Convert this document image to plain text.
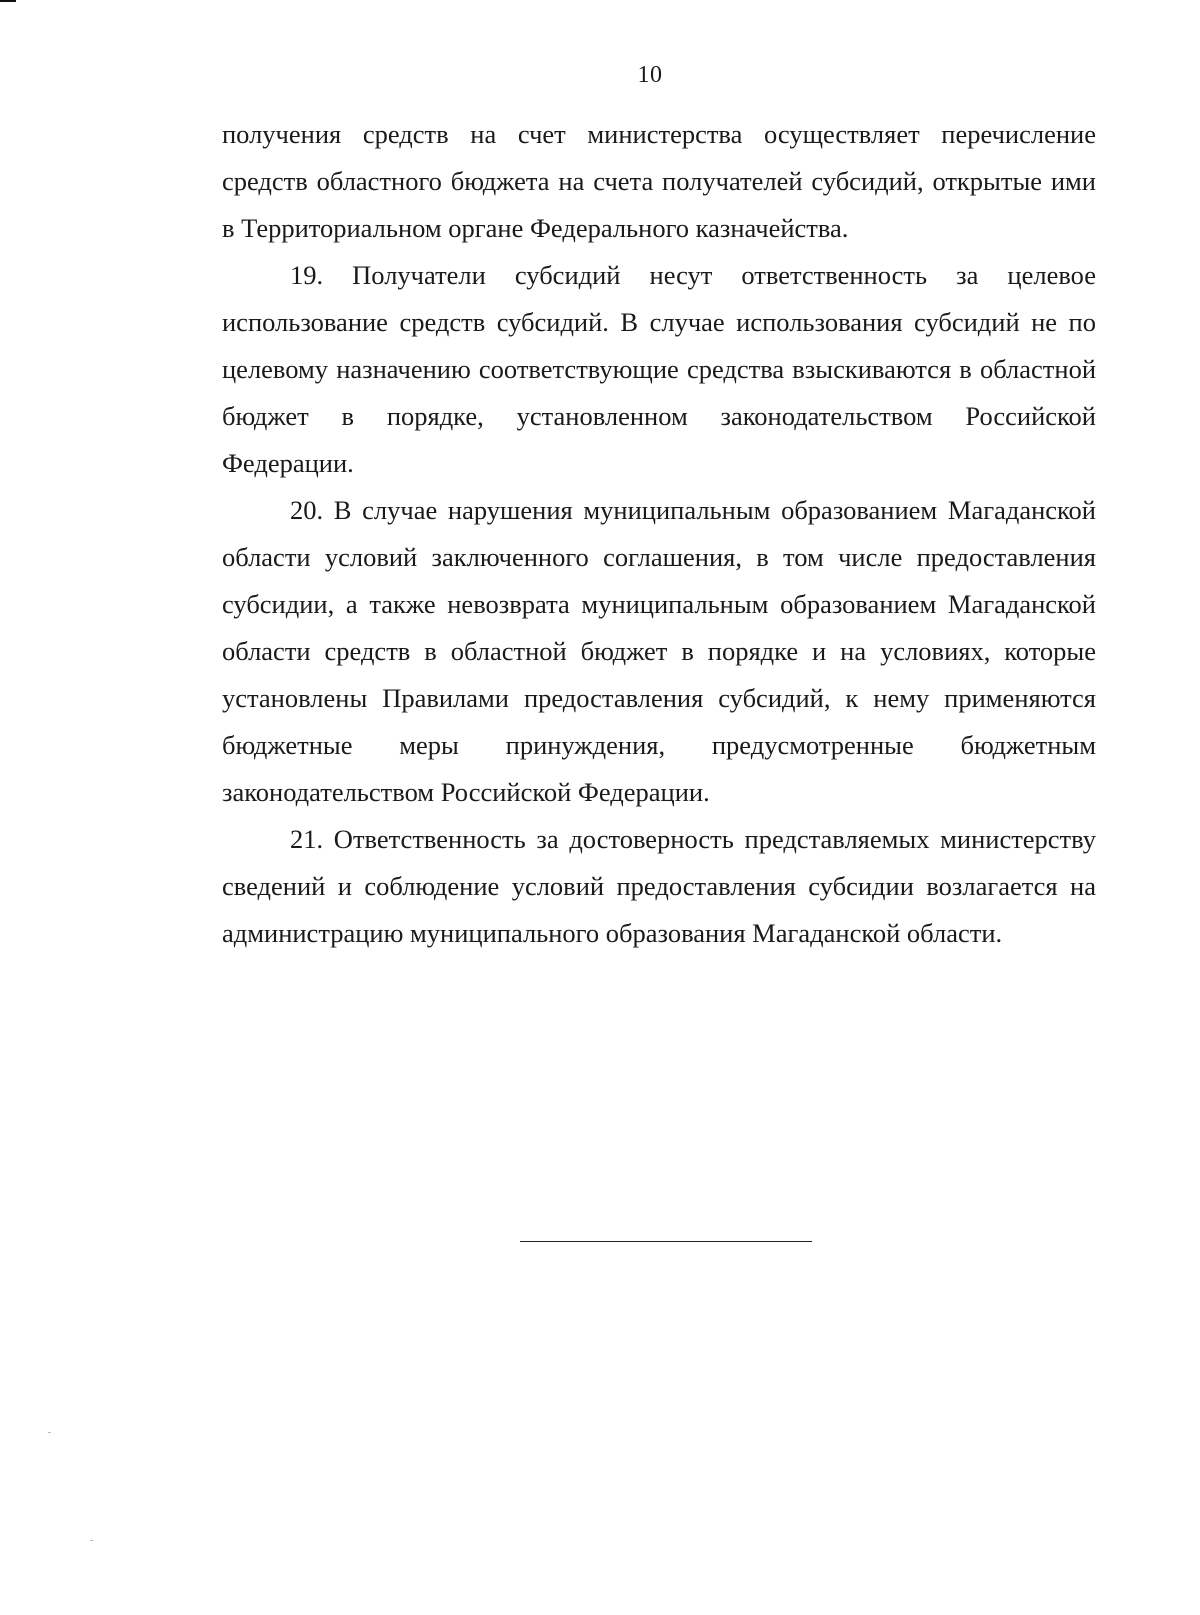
10

получения средств на счет министерства осуществляет перечисление средств областного бюджета на счета получателей субсидий, открытые ими в Территориальном органе Федерального казначейства.

19. Получатели субсидий несут ответственность за целевое использование средств субсидий. В случае использования субсидий не по целевому назначению соответствующие средства взыскиваются в областной бюджет в порядке, установленном законодательством Российской Федерации.

20. В случае нарушения муниципальным образованием Магаданской области условий заключенного соглашения, в том числе предоставления субсидии, а также невозврата муниципальным образованием Магаданской области средств в областной бюджет в порядке и на условиях, которые установлены Правилами предоставления субсидий, к нему применяются бюджетные меры принуждения, предусмотренные бюджетным законодательством Российской Федерации.

21. Ответственность за достоверность представляемых министерству сведений и соблюдение условий предоставления субсидии возлагается на администрацию муниципального образования Магаданской области.
